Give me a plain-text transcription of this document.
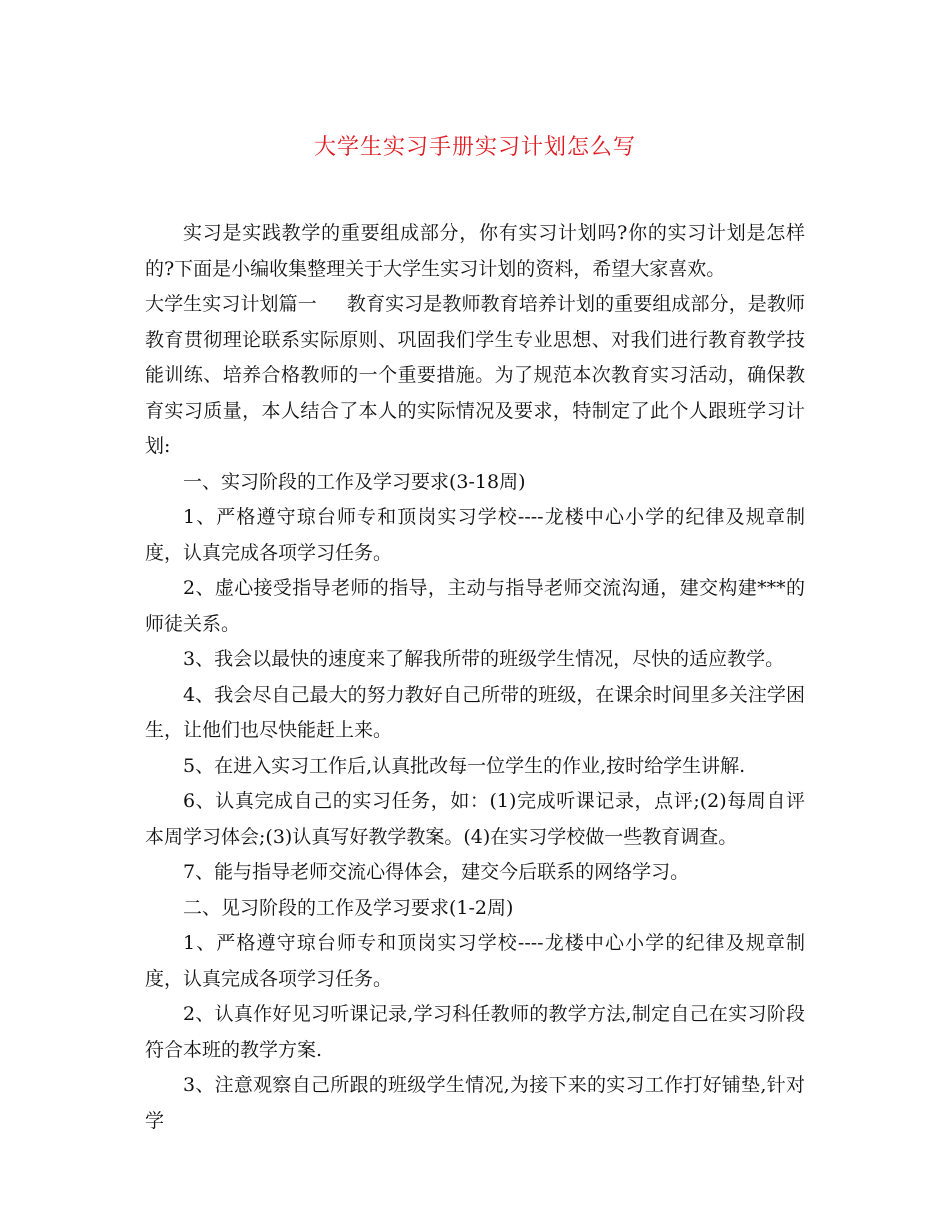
大学生实习手册实习计划怎么写

实习是实践教学的重要组成部分，你有实习计划吗?你的实习计划是怎样的?下面是小编收集整理关于大学生实习计划的资料，希望大家喜欢。

大学生实习计划篇一 教育实习是教师教育培养计划的重要组成部分，是教师教育贯彻理论联系实际原则、巩固我们学生专业思想、对我们进行教育教学技能训练、培养合格教师的一个重要措施。为了规范本次教育实习活动，确保教育实习质量，本人结合了本人的实际情况及要求，特制定了此个人跟班学习计划:

一、实习阶段的工作及学习要求(3-18周)

1、严格遵守琼台师专和顶岗实习学校----龙楼中心小学的纪律及规章制度，认真完成各项学习任务。

2、虚心接受指导老师的指导，主动与指导老师交流沟通，建交构建***的师徒关系。

3、我会以最快的速度来了解我所带的班级学生情况，尽快的适应教学。

4、我会尽自己最大的努力教好自己所带的班级，在课余时间里多关注学困生，让他们也尽快能赶上来。

5、在进入实习工作后,认真批改每一位学生的作业,按时给学生讲解.

6、认真完成自己的实习任务，如：(1)完成听课记录，点评;(2)每周自评本周学习体会;(3)认真写好教学教案。(4)在实习学校做一些教育调查。

7、能与指导老师交流心得体会，建交今后联系的网络学习。

二、见习阶段的工作及学习要求(1-2周)

1、严格遵守琼台师专和顶岗实习学校----龙楼中心小学的纪律及规章制度，认真完成各项学习任务。

2、认真作好见习听课记录,学习科任教师的教学方法,制定自己在实习阶段符合本班的教学方案.

3、注意观察自己所跟的班级学生情况,为接下来的实习工作打好铺垫,针对学
